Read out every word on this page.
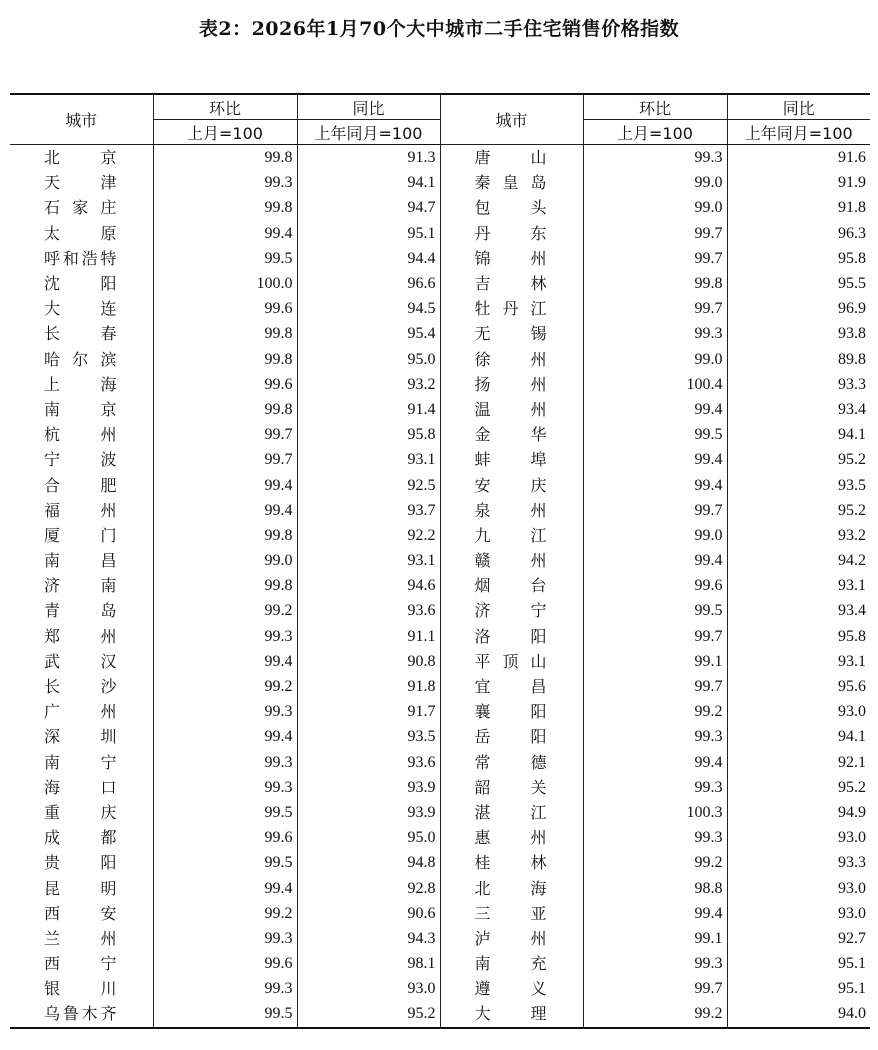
表2：2026年1月70个大中城市二手住宅销售价格指数
城市	环比	同比	城市	环比	同比
	上月=100	上年同月=100		上月=100	上年同月=100

北 京	99.8	91.3	唐 山	99.3	91.6

天 津	99.3	94.1	秦 皇 岛	99.0	91.9

石 家 庄	99.8	94.7	包 头	99.0	91.8

太 原	99.4	95.1	丹 东	99.7	96.3

呼 和 浩 特	99.5	94.4	锦 州	99.7	95.8

沈 阳	100.0	96.6	吉 林	99.8	95.5

大 连	99.6	94.5	牡 丹 江	99.7	96.9

长 春	99.8	95.4	无 锡	99.3	93.8

哈 尔 滨	99.8	95.0	徐 州	99.0	89.8

上 海	99.6	93.2	扬 州	100.4	93.3

南 京	99.8	91.4	温 州	99.4	93.4

杭 州	99.7	95.8	金 华	99.5	94.1

宁 波	99.7	93.1	蚌 埠	99.4	95.2

合 肥	99.4	92.5	安 庆	99.4	93.5

福 州	99.4	93.7	泉 州	99.7	95.2

厦 门	99.8	92.2	九 江	99.0	93.2

南 昌	99.0	93.1	赣 州	99.4	94.2

济 南	99.8	94.6	烟 台	99.6	93.1

青 岛	99.2	93.6	济 宁	99.5	93.4

郑 州	99.3	91.1	洛 阳	99.7	95.8

武 汉	99.4	90.8	平 顶 山	99.1	93.1

长 沙	99.2	91.8	宜 昌	99.7	95.6

广 州	99.3	91.7	襄 阳	99.2	93.0

深 圳	99.4	93.5	岳 阳	99.3	94.1

南 宁	99.3	93.6	常 德	99.4	92.1

海 口	99.3	93.9	韶 关	99.3	95.2

重 庆	99.5	93.9	湛 江	100.3	94.9

成 都	99.6	95.0	惠 州	99.3	93.0

贵 阳	99.5	94.8	桂 林	99.2	93.3

昆 明	99.4	92.8	北 海	98.8	93.0

西 安	99.2	90.6	三 亚	99.4	93.0

兰 州	99.3	94.3	泸 州	99.1	92.7

西 宁	99.6	98.1	南 充	99.3	95.1

银 川	99.3	93.0	遵 义	99.7	95.1

乌 鲁 木 齐	99.5	95.2	大 理	99.2	94.0
